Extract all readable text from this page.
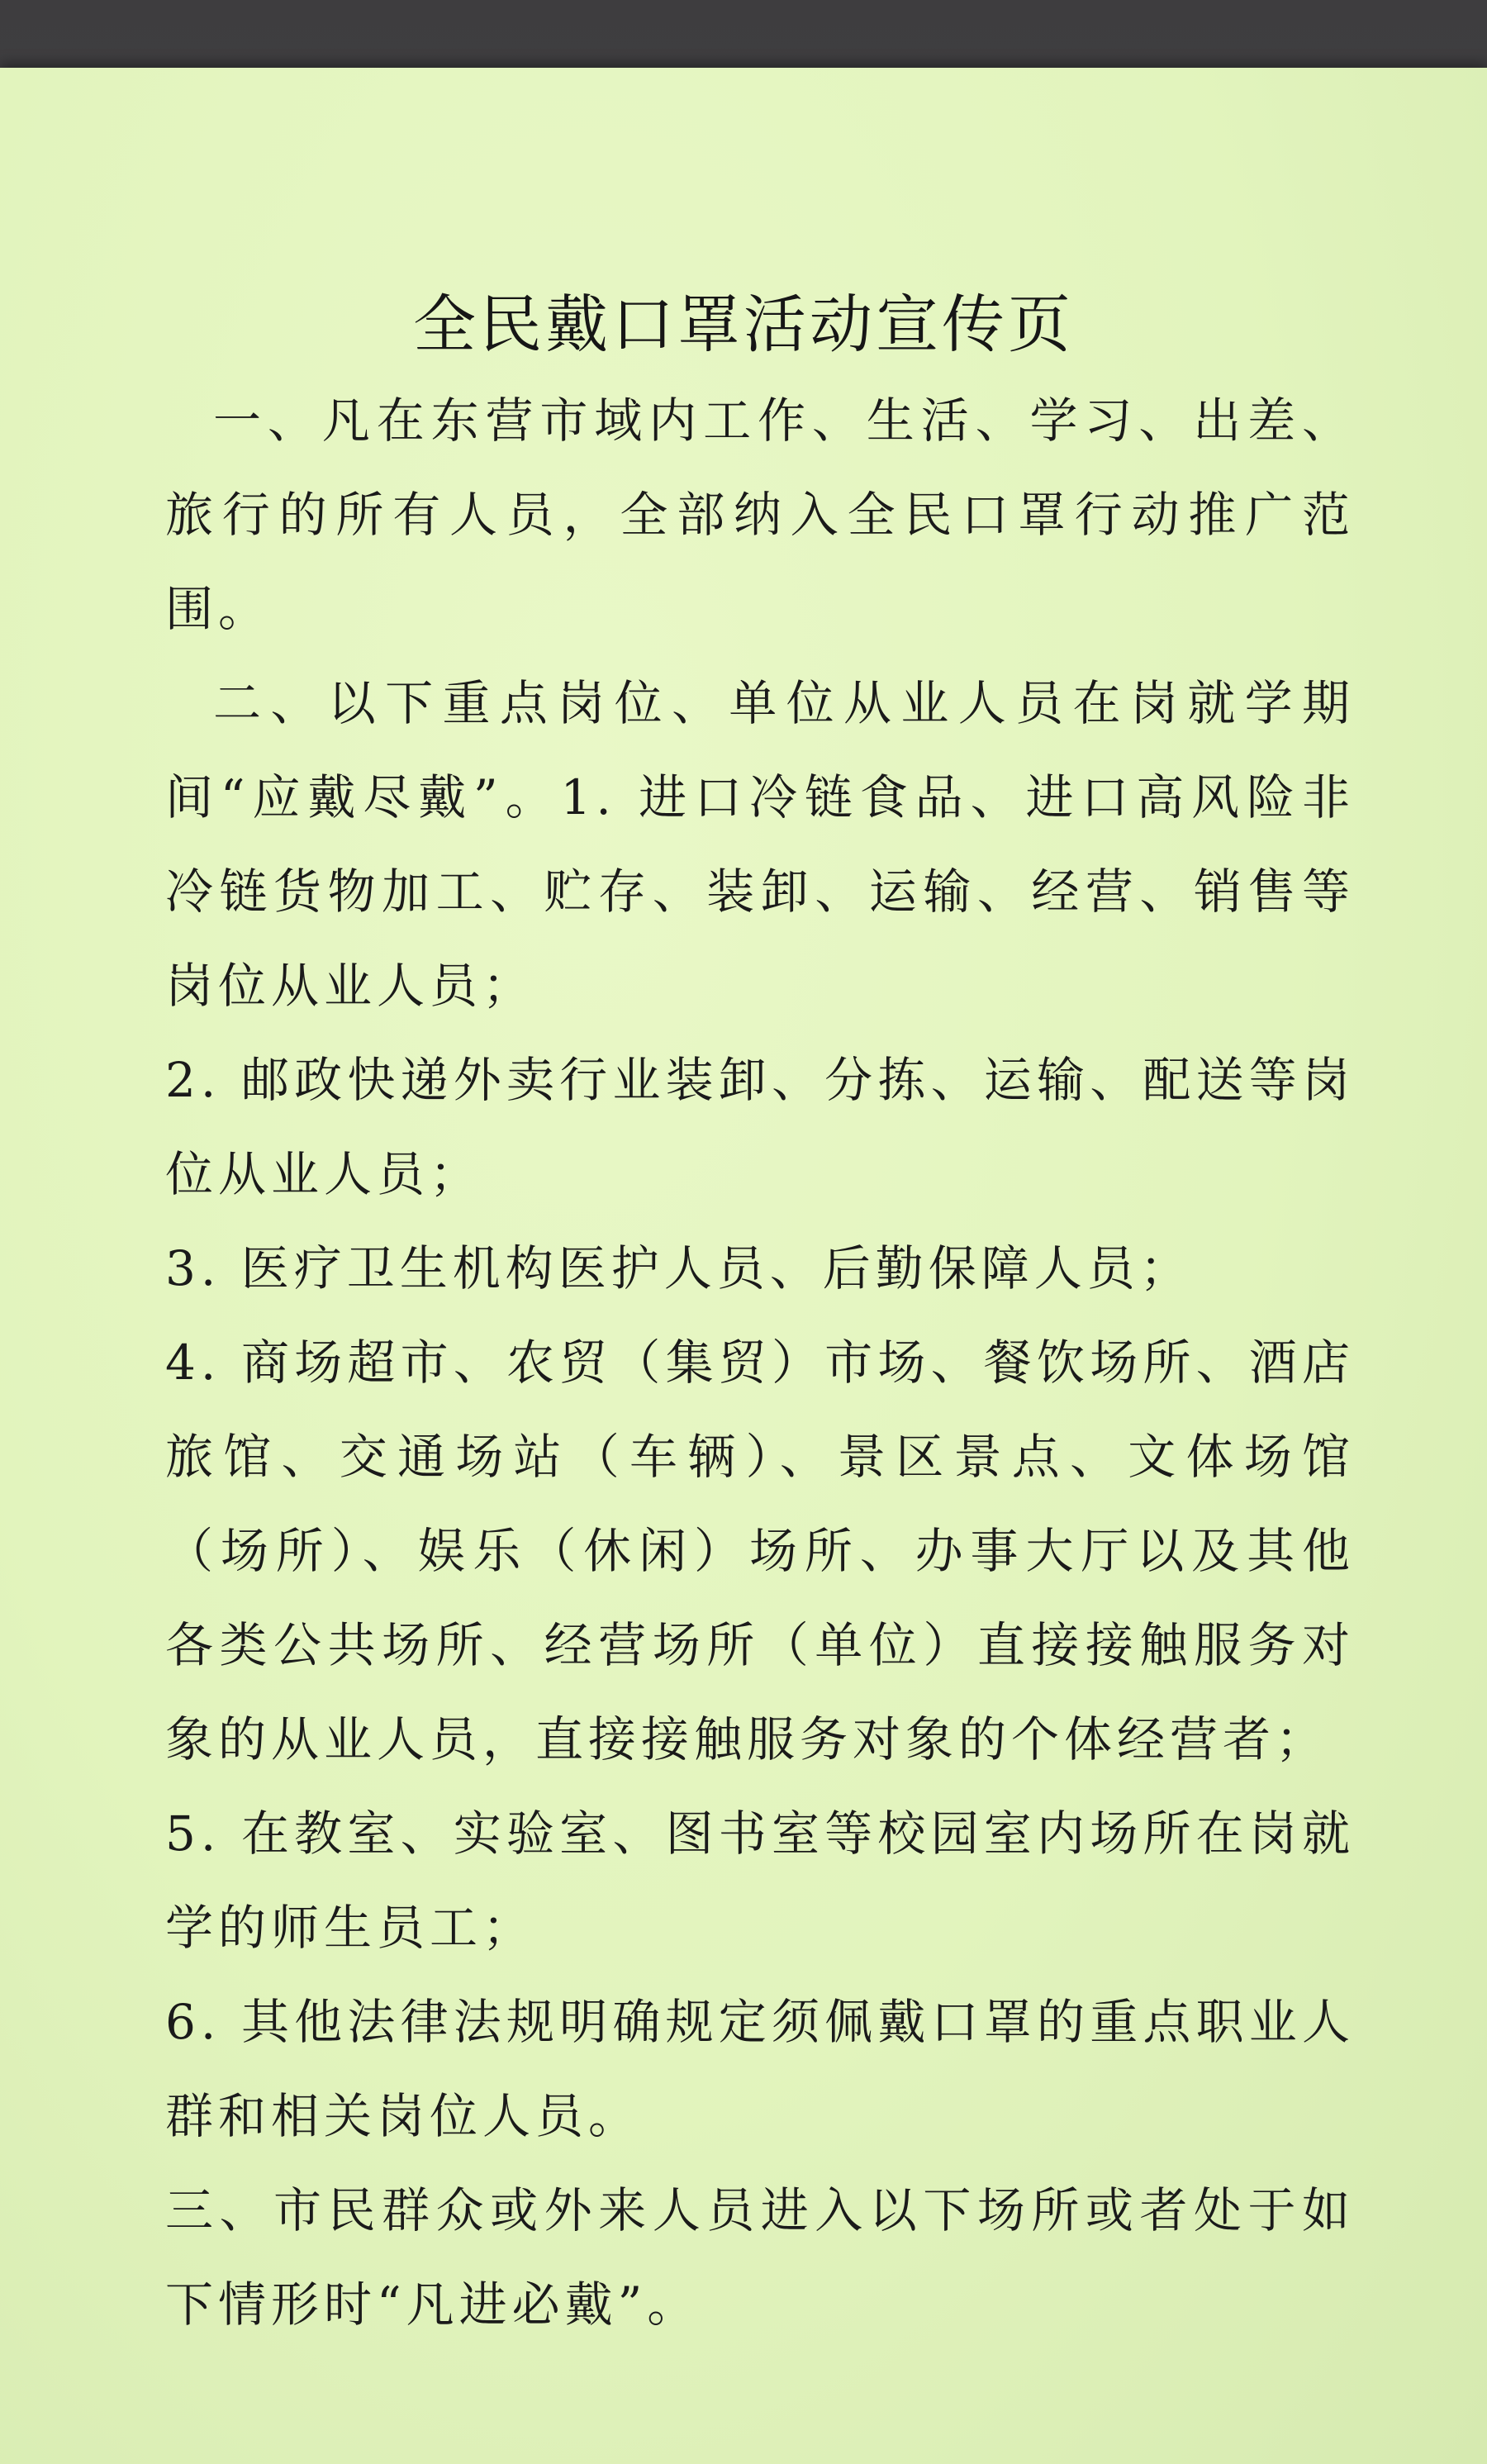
全民戴口罩活动宣传页

一、凡在东营市域内工作、生活、学习、出差、旅行的所有人员，全部纳入全民口罩行动推广范围。

二、以下重点岗位、单位从业人员在岗就学期间“应戴尽戴”。1. 进口冷链食品、进口高风险非冷链货物加工、贮存、装卸、运输、经营、销售等岗位从业人员；

2. 邮政快递外卖行业装卸、分拣、运输、配送等岗位从业人员；

3. 医疗卫生机构医护人员、后勤保障人员；

4. 商场超市、农贸（集贸）市场、餐饮场所、酒店旅馆、交通场站（车辆）、景区景点、文体场馆（场所）、娱乐（休闲）场所、办事大厅以及其他各类公共场所、经营场所（单位）直接接触服务对象的从业人员，直接接触服务对象的个体经营者；

5. 在教室、实验室、图书室等校园室内场所在岗就学的师生员工；

6. 其他法律法规明确规定须佩戴口罩的重点职业人群和相关岗位人员。

三、市民群众或外来人员进入以下场所或者处于如下情形时“凡进必戴”。
